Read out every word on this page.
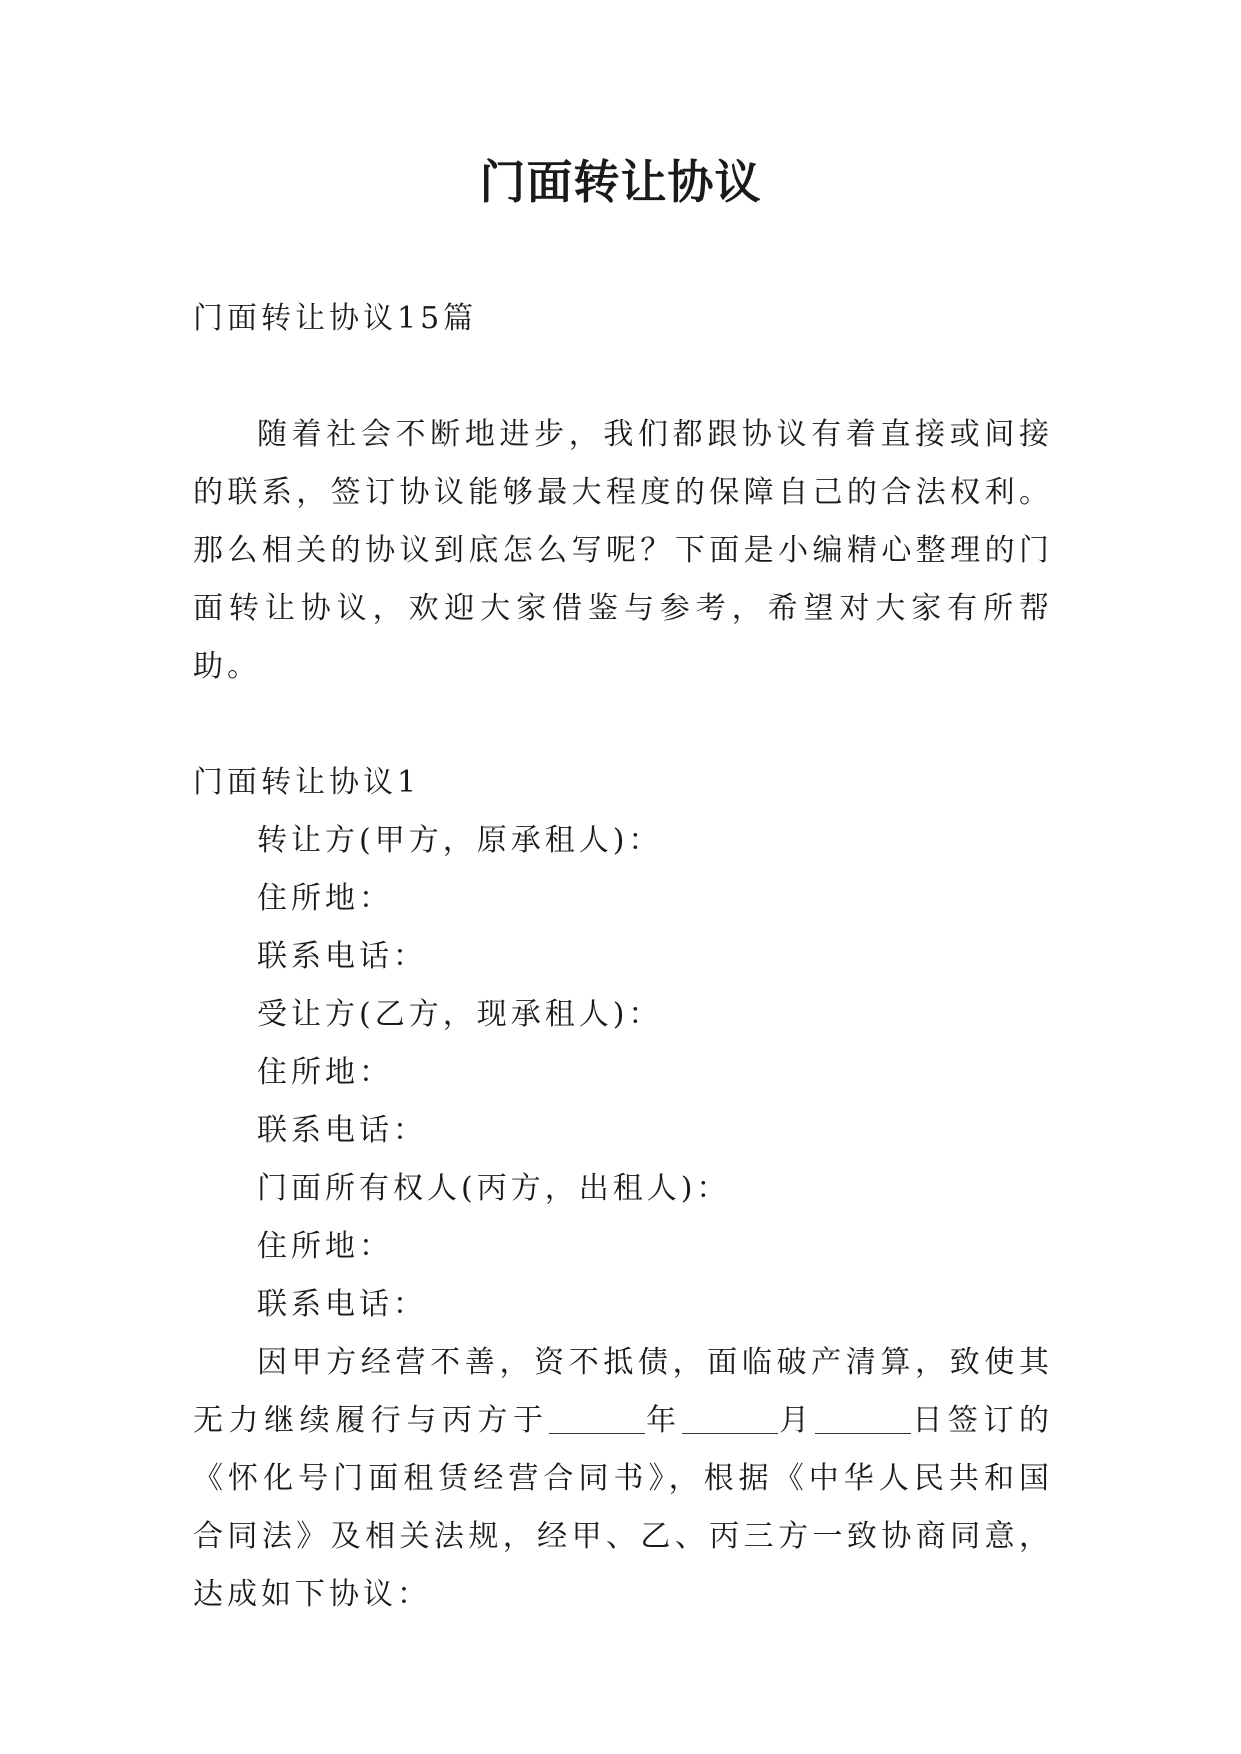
门面转让协议

门面转让协议15篇

随着社会不断地进步，我们都跟协议有着直接或间接的联系，签订协议能够最大程度的保障自己的合法权利。那么相关的协议到底怎么写呢？下面是小编精心整理的门面转让协议，欢迎大家借鉴与参考，希望对大家有所帮助。

门面转让协议1

转让方(甲方，原承租人)：

住所地：

联系电话：

受让方(乙方，现承租人)：

住所地：

联系电话：

门面所有权人(丙方，出租人)：

住所地：

联系电话：

因甲方经营不善，资不抵债，面临破产清算，致使其无力继续履行与丙方于	年	月	日签订的《怀化号门面租赁经营合同书》，根据《中华人民共和国合同法》及相关法规，经甲、乙、丙三方一致协商同意，达成如下协议：
